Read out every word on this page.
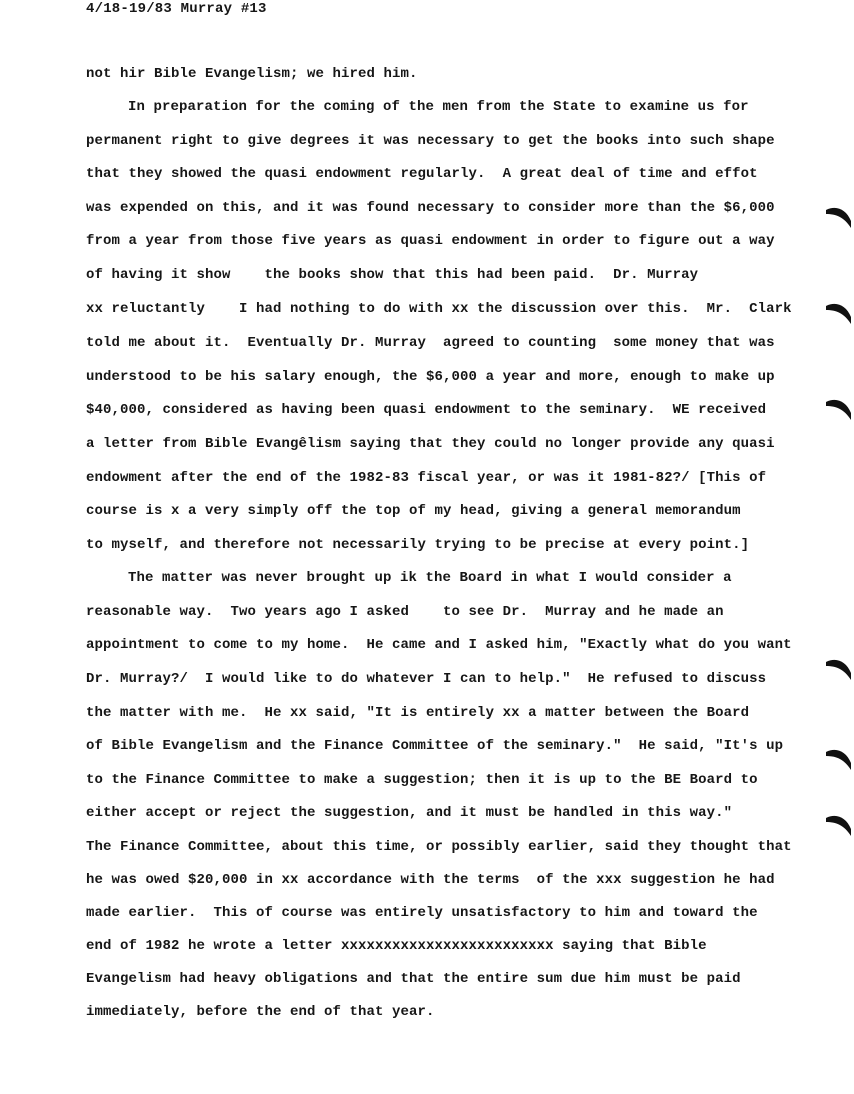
4/18-19/83 Murray #13
not hir Bible Evangelism; we hired him.
In preparation for the coming of the men from the State to examine us for
permanent right to give degrees it was necessary to get the books into such shape
that they showed the quasi endowment regularly.  A great deal of time and effot
was expended on this, and it was found necessary to consider more than the $6,000
from a year from those five years as quasi endowment in order to figure out a way
of having it show    the books show that this had been paid.  Dr. Murray
xx reluctantly    I had nothing to do with xx the discussion over this.  Mr.  Clark
told me about it.  Eventually Dr. Murray  agreed to counting  some money that was
understood to be his salary enough, the $6,000 a year and more, enough to make up
$40,000, considered as having been quasi endowment to the seminary.  WE received
a letter from Bible Evangêlism saying that they could no longer provide any quasi
endowment after the end of the 1982-83 fiscal year, or was it 1981-82?/ [This of
course is x a very simply off the top of my head, giving a general memorandum
to myself, and therefore not necessarily trying to be precise at every point.]
The matter was never brought up ik the Board in what I would consider a
reasonable way.  Two years ago I asked    to see Dr.  Murray and he made an
appointment to come to my home.  He came and I asked him, "Exactly what do you want
Dr. Murray?/  I would like to do whatever I can to help."  He refused to discuss
the matter with me.  He xx said, "It is entirely xx a matter between the Board
of Bible Evangelism and the Finance Committee of the seminary."  He said, "It's up
to the Finance Committee to make a suggestion; then it is up to the BE Board to
either accept or reject the suggestion, and it must be handled in this way."
The Finance Committee, about this time, or possibly earlier, said they thought that
he was owed $20,000 in xx accordance with the terms  of the xxx suggestion he had
made earlier.  This of course was entirely unsatisfactory to him and toward the
end of 1982 he wrote a letter xxxxxxxxxxxxxxxxxxxxxxxxx saying that Bible
Evangelism had heavy obligations and that the entire sum due him must be paid
immediately, before the end of that year.
